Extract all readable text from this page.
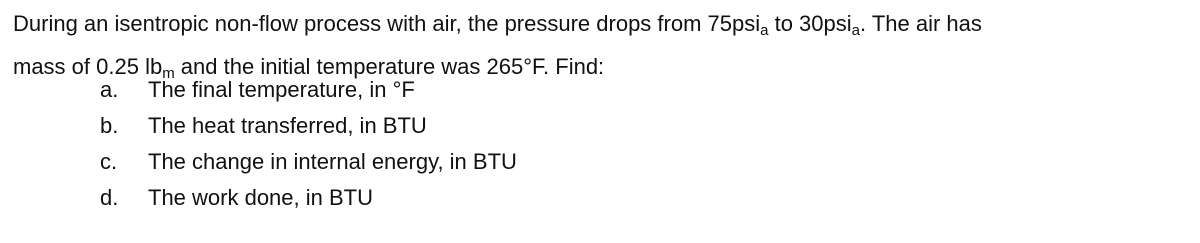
During an isentropic non-flow process with air, the pressure drops from 75psi$_a$ to 30psi$_a$. The air has
mass of 0.25 $lb_m$ and the initial temperature was 265°F. Find:

a. The final temperature, in °F
b. The heat transferred, in BTU
c. The change in internal energy, in BTU
d. The work done, in BTU
